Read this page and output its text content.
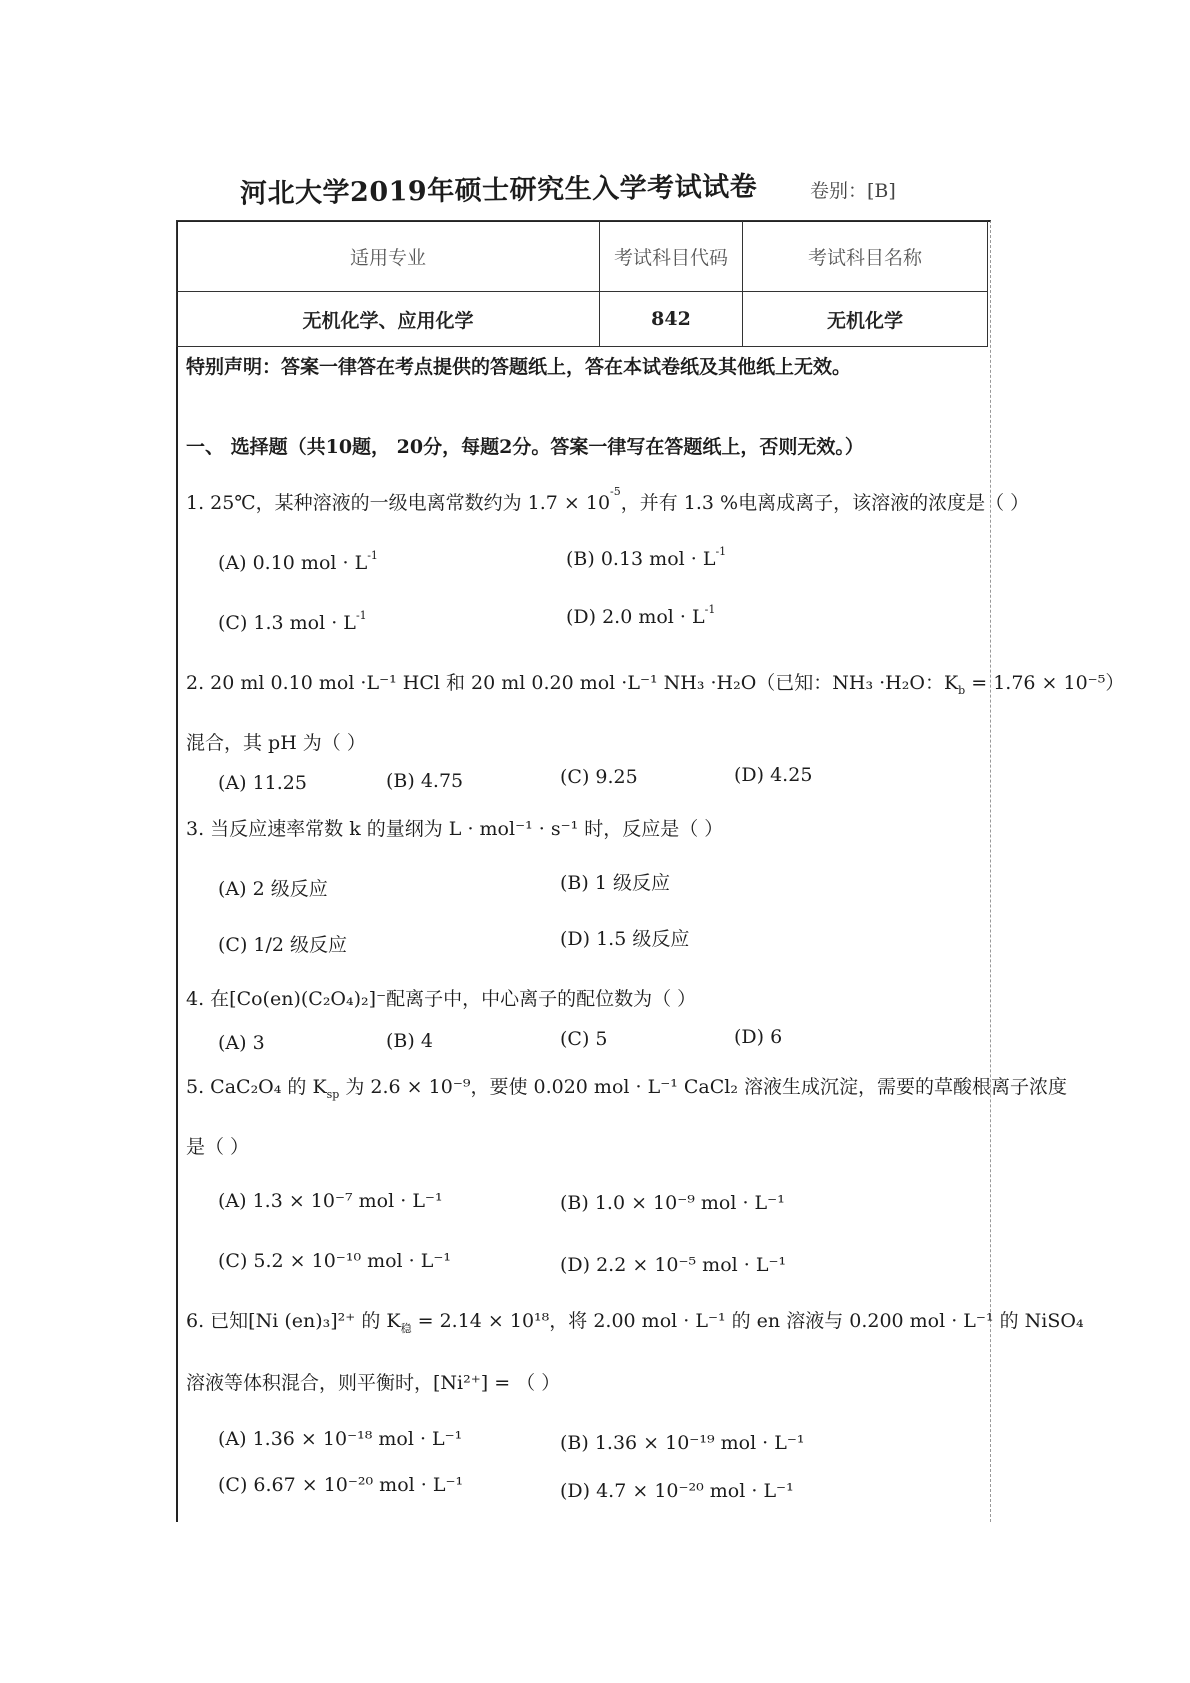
河北大学2019年硕士研究生入学考试试卷	卷别：[B]
适用专业	考试科目代码	考试科目名称
无机化学、应用化学	842	无机化学
特别声明：答案一律答在考点提供的答题纸上，答在本试卷纸及其他纸上无效。
一、 选择题（共10题， 20分，每题2分。答案一律写在答题纸上，否则无效。）
1. 25℃，某种溶液的一级电离常数约为 $1.7 \times 10^{-5}$，并有 1.3 %电离成离子，该溶液的浓度是（ ）
(A) 0.10 mol · $L^{-1}$	(B) 0.13 mol · $L^{-1}$
(C) 1.3 mol · $L^{-1}$	(D) 2.0 mol · $L^{-1}$
2. 20 ml 0.10 mol ·L⁻¹ HCl 和 20 ml 0.20 mol ·L⁻¹ NH₃ ·H₂O（已知：NH₃ ·H₂O：$K_b = 1.76 \times 10^{-5}$）
混合，其 pH 为（ ）
(A) 11.25	(B) 4.75	(C) 9.25	(D) 4.25
3. 当反应速率常数 k 的量纲为 L · mol⁻¹ · s⁻¹ 时，反应是（ ）
(A) 2 级反应	(B) 1 级反应
(C) 1/2 级反应	(D) 1.5 级反应
4. 在[Co(en)(C₂O₄)₂]⁻配离子中，中心离子的配位数为（ ）
(A) 3	(B) 4	(C) 5	(D) 6
5. CaC₂O₄ 的 $K_{sp}$ 为 2.6 × 10⁻⁹，要使 0.020 mol · L⁻¹ CaCl₂ 溶液生成沉淀，需要的草酸根离子浓度
是（ ）
(A) 1.3 × 10⁻⁷ mol · L⁻¹	(B) 1.0 × 10⁻⁹ mol · L⁻¹
(C) 5.2 × 10⁻¹⁰ mol · L⁻¹	(D) 2.2 × 10⁻⁵ mol · L⁻¹
6. 已知[Ni (en)₃]²⁺ 的 $K_稳 = 2.14 \times 10^{18}$，将 2.00 mol · L⁻¹ 的 en 溶液与 0.200 mol · L⁻¹ 的 NiSO₄
溶液等体积混合，则平衡时，[Ni²⁺] = （ ）
(A) 1.36 × 10⁻¹⁸ mol · L⁻¹	(B) 1.36 × 10⁻¹⁹ mol · L⁻¹
(C) 6.67 × 10⁻²⁰ mol · L⁻¹	(D) 4.7 × 10⁻²⁰ mol · L⁻¹
